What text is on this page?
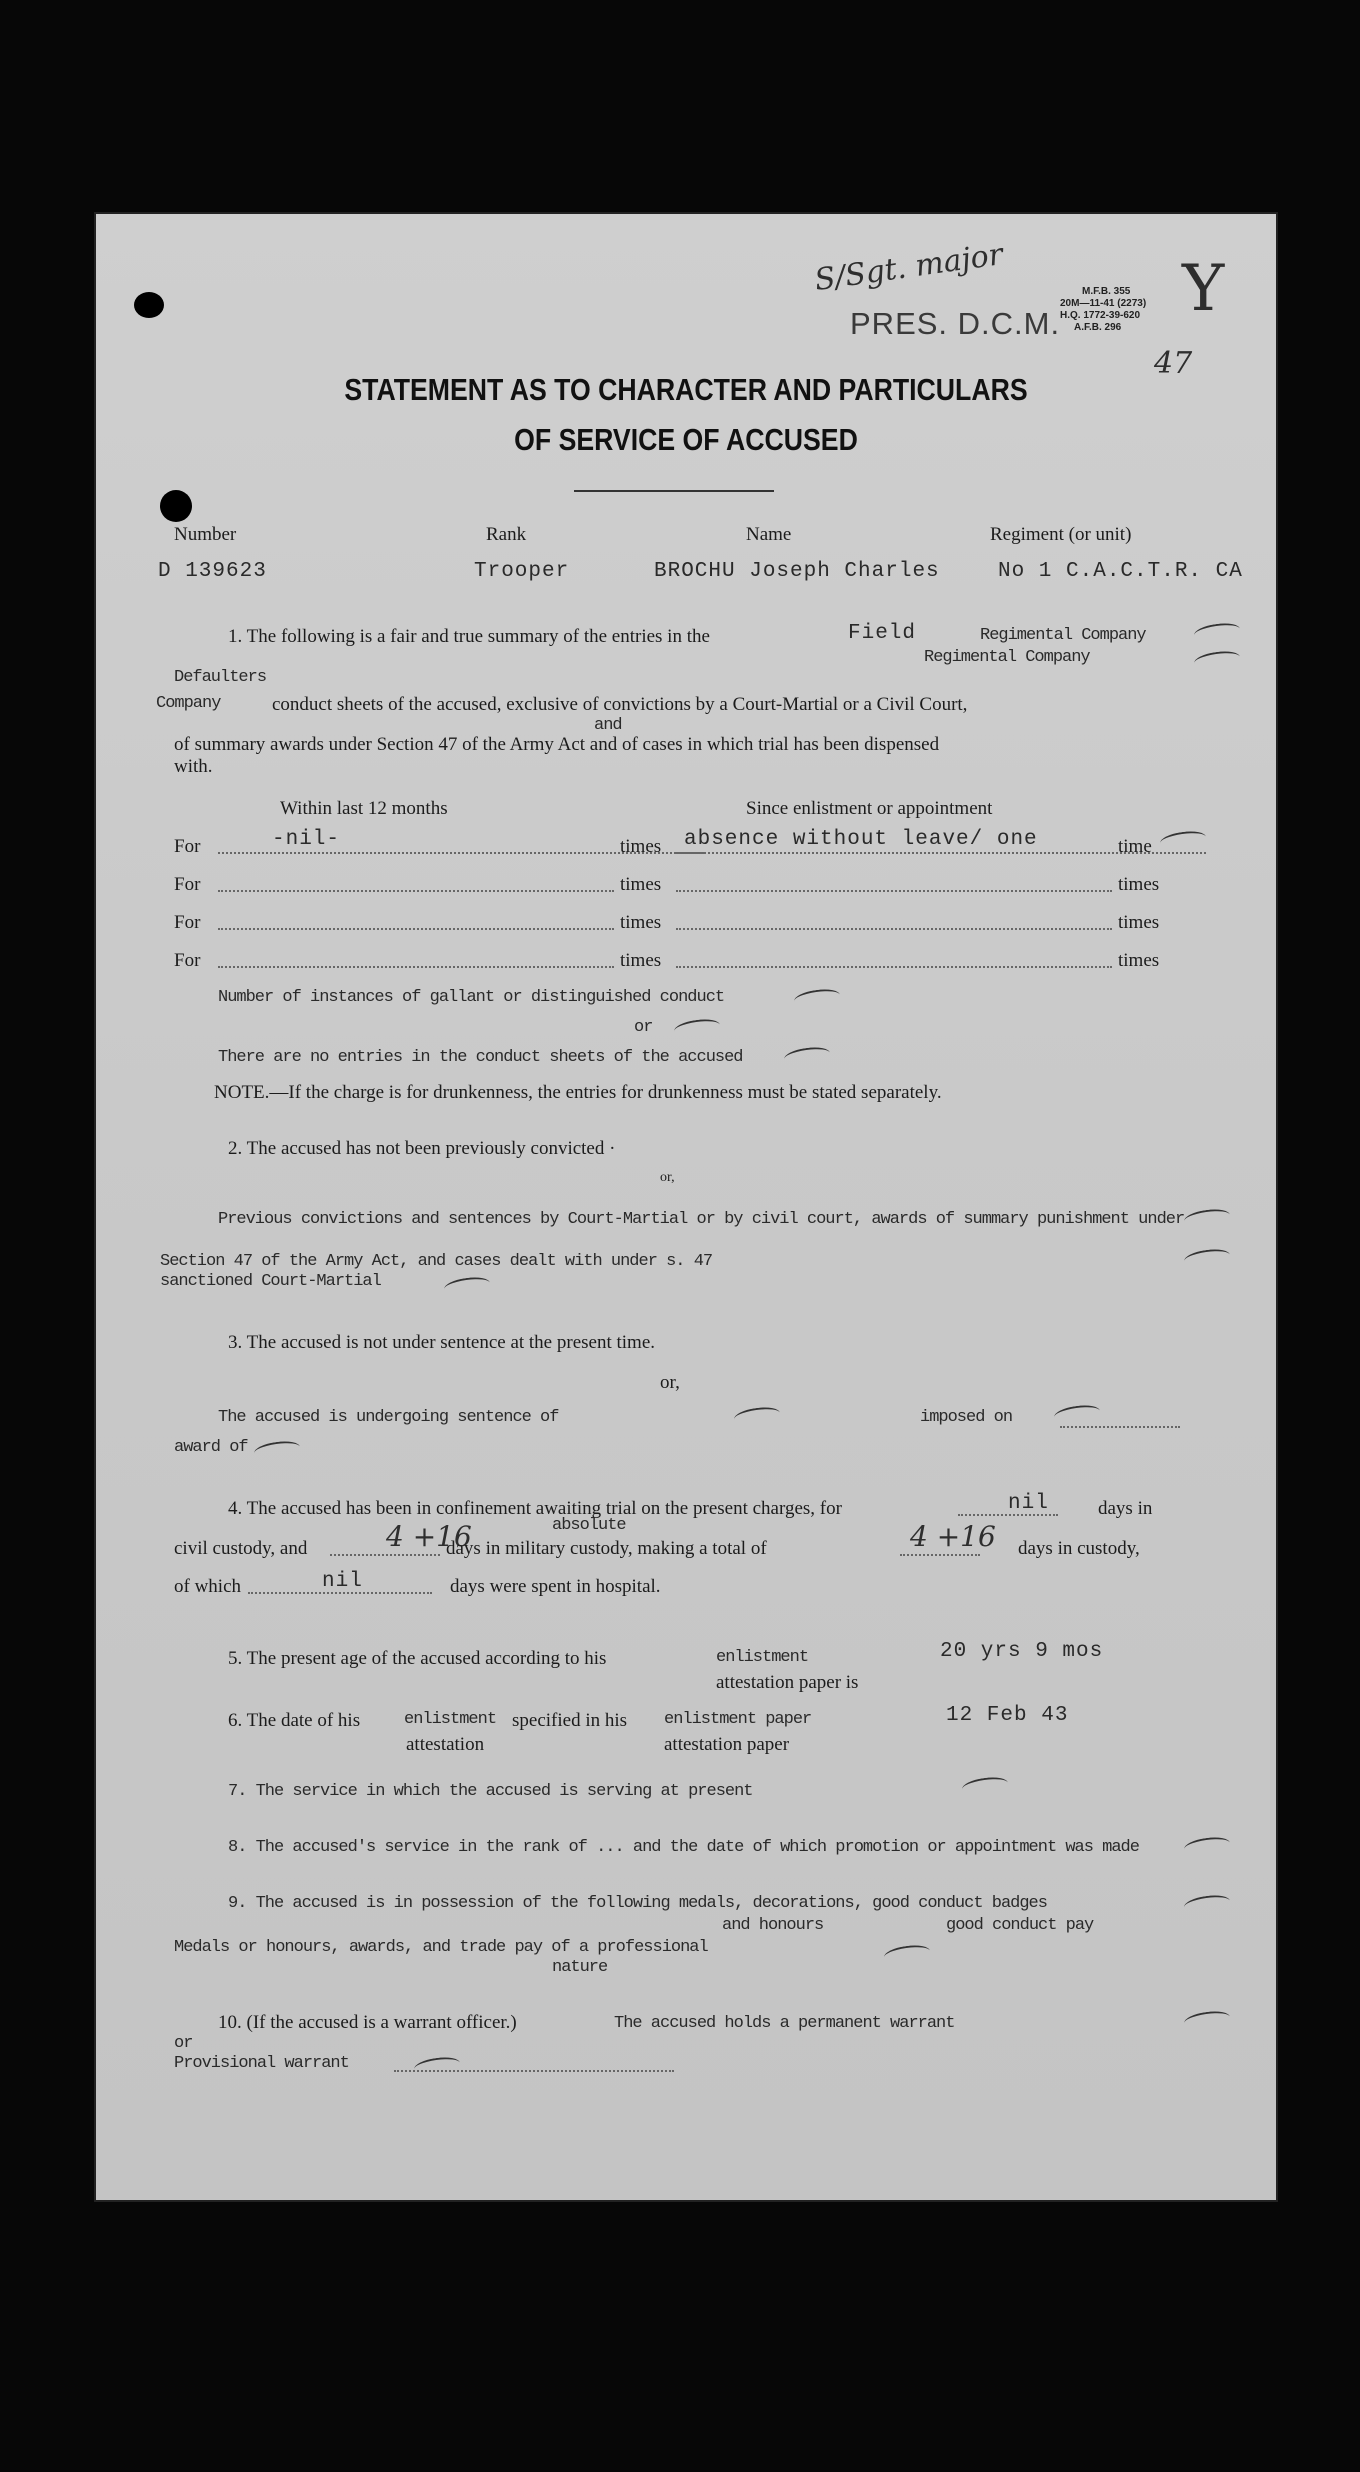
S/Sgt. major
PRES. D.C.M.
M.F.B. 355
20M—11-41 (2273)
H.Q. 1772-39-620
A.F.B. 296
Y
47
STATEMENT AS TO CHARACTER AND PARTICULARS
OF SERVICE OF ACCUSED
Number	Rank	Name	Regiment (or unit)
D 139623	Trooper	BROCHU Joseph Charles	No 1 C.A.C.T.R. CA
1. The following is a fair and true summary of the entries in the	Field	Regimental Company
Regimental Company
Defaulters
Company	conduct sheets of the accused, exclusive of convictions by a Court-Martial or a Civil Court,
and
of summary awards under Section 47 of the Army Act and of cases in which trial has been dispensed
with.
Within last 12 months	Since enlistment or appointment
For	-nil-	times absence without leave/ one	time
For	times	times
For	times	times
For	times	times
Number of instances of gallant or distinguished conduct
or
There are no entries in the conduct sheets of the accused
NOTE.—If the charge is for drunkenness, the entries for drunkenness must be stated separately.
2. The accused has not been previously convicted ·
or,
Previous convictions and sentences by Court-Martial or by civil court, awards of summary punishment under
Section 47 of the Army Act, and cases dealt with under s. 47
sanctioned Court-Martial
3. The accused is not under sentence at the present time.
or,
The accused is undergoing sentence of	imposed on
award of
4. The accused has been in confinement awaiting trial on the present charges, for	nil	days in
civil custody, and	4 +16	absolute
days in military custody, making a total of	4 +16 days in custody,
of which	nil	days were spent in hospital.
5. The present age of the accused according to his	enlistment
attestation paper is
20 yrs 9 mos
6. The date of his	enlistment
attestation
specified in his enlistment paper
attestation paper
12 Feb 43
7. The service in which the accused is serving at present
8. The accused's service in the rank of ... and the date of which promotion or appointment was made
9. The accused is in possession of the following medals, decorations, good conduct badges
and honours	good conduct pay
Medals or honours, awards, and trade pay of a professional
nature
10. (If the accused is a warrant officer.)	The accused holds a permanent warrant
or
Provisional warrant
